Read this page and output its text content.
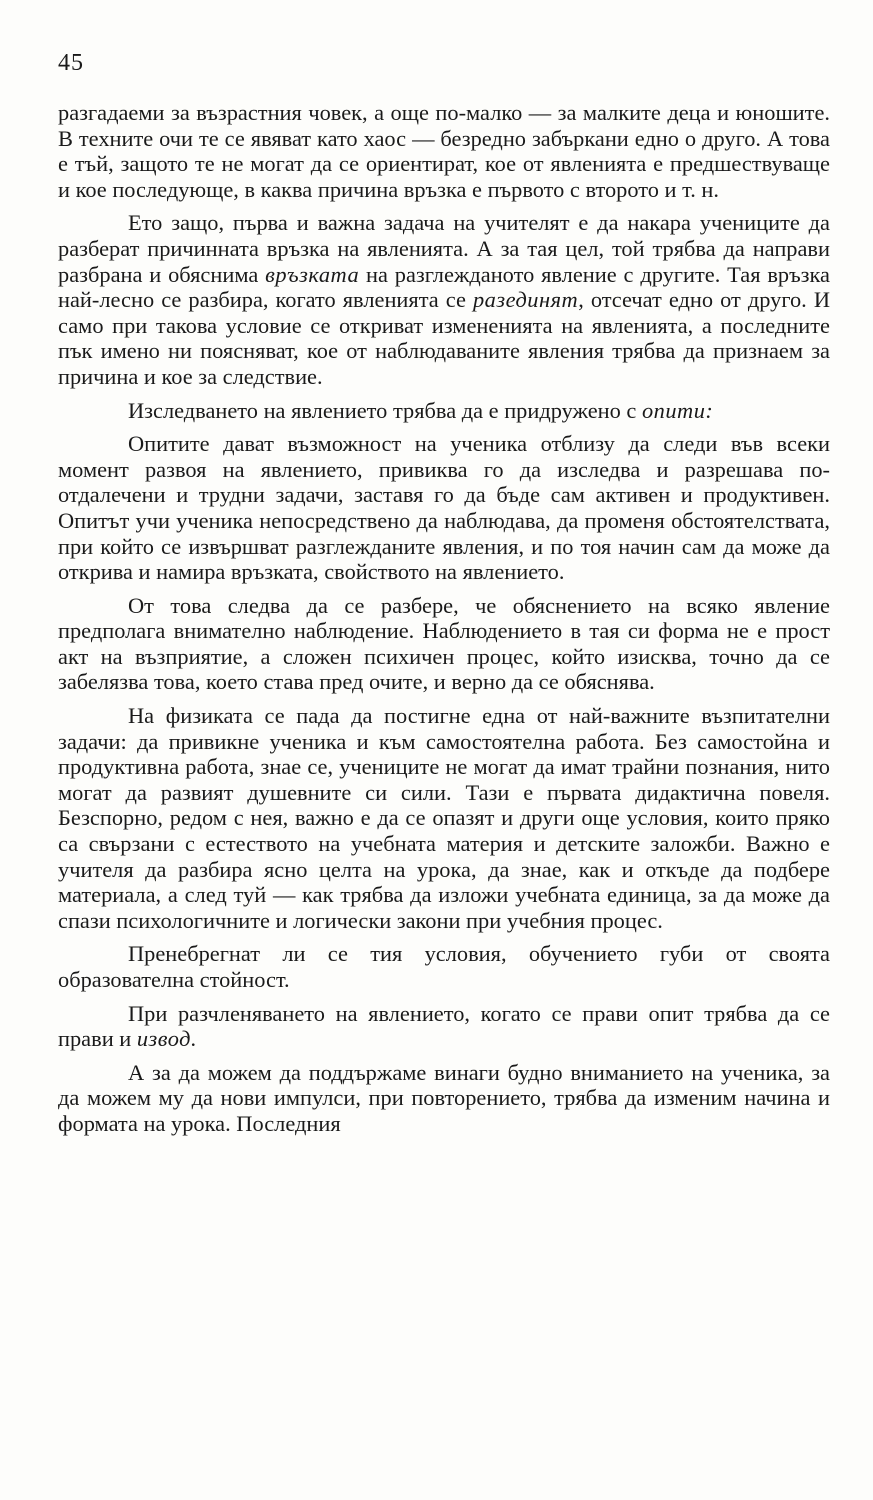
45

разгадаеми за възрастния човек, а още по-малко — за малките деца и юношите. В техните очи те се явяват като хаос — безредно забъркани едно о друго. А това е тъй, защото те не могат да се ориентират, кое от явленията е предшествуваще и кое последующе, в каква причина връзка е първото с второто и т. н.

Ето защо, първа и важна задача на учителят е да накара учениците да разберат причинната връзка на явленията. А за тая цел, той трябва да направи разбрана и обяснима връзката на разглежданото явление с другите. Тая връзка най-лесно се разбира, когато явленията се разединят, отсечат едно от друго. И само при такова условие се откриват измененията на явленията, а последните пък имено ни поясняват, кое от наблюдаваните явления трябва да признаем за причина и кое за следствие.

Изследването на явлението трябва да е придружено с опити:

Опитите дават възможност на ученика отблизу да следи във всеки момент развоя на явлението, привиква го да изследва и разрешава по-отдалечени и трудни задачи, заставя го да бъде сам активен и продуктивен. Опитът учи ученика непосредствено да наблюдава, да променя обстоятелствата, при който се извършват разглежданите явления, и по тоя начин сам да може да открива и намира връзката, свойството на явлението.

От това следва да се разбере, че обяснението на всяко явление предполага внимателно наблюдение. Наблюдението в тая си форма не е прост акт на възприятие, а сложен психичен процес, който изисква, точно да се забелязва това, което става пред очите, и верно да се обяснява.

На физиката се пада да постигне една от най-важните възпитателни задачи: да привикне ученика и към самостоятелна работа. Без самостойна и продуктивна работа, знае се, учениците не могат да имат трайни познания, нито могат да развият душевните си сили. Тази е първата дидактична повеля. Безспорно, редом с нея, важно е да се опазят и други още условия, които пряко са свързани с естеството на учебната материя и детските заложби. Важно е учителя да разбира ясно целта на урока, да знае, как и откъде да подбере материала, а след туй — как трябва да изложи учебната единица, за да може да спази психологичните и логически закони при учебния процес.

Пренебрегнат ли се тия условия, обучението губи от своята образователна стойност.

При разчленяването на явлението, когато се прави опит трябва да се прави и извод.

А за да можем да поддържаме винаги будно вниманието на ученика, за да можем му да нови импулси, при повторението, трябва да изменим начина и формата на урока. Последния
